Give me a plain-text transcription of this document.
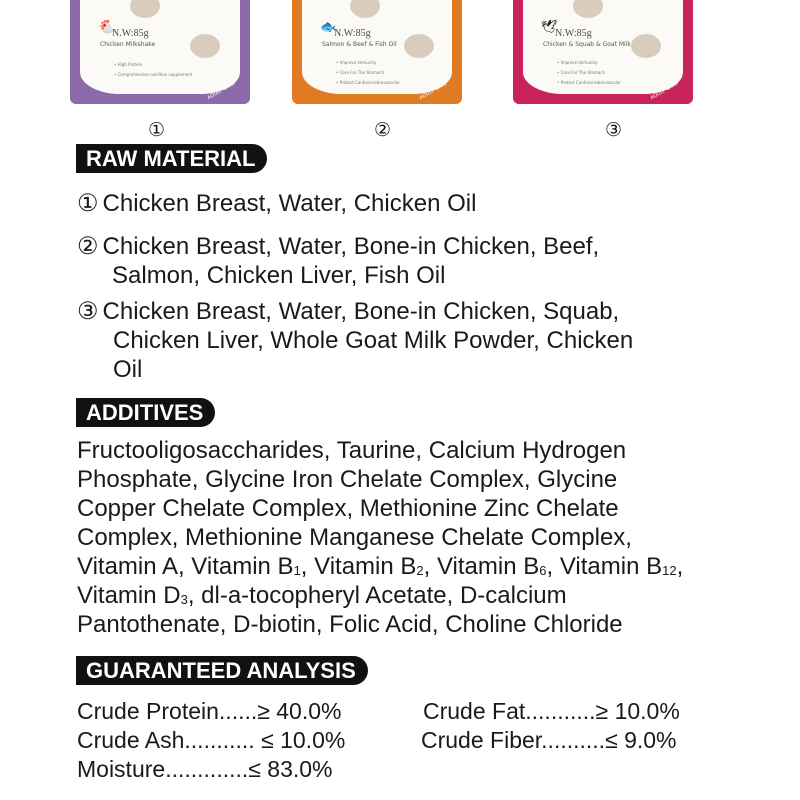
🐔
N.W:85g
Chicken Milkshake
• High Protein
• Comprehensive nutrition supplement
ADULT CATS
🐟
N.W:85g
Salmon & Beef & Fish Oil
• Improve Immunity
• Care For The Stomach
• Protect Cardiocerebrovascular	ADULT CATS
🕊
N.W:85g
Chicken & Squab & Goat Milk
• Improve Immunity
• Care For The Stomach
• Protect Cardiocerebrovascular	ADULT CATS
①	②	③
RAW MATERIAL
① Chicken Breast, Water, Chicken Oil
② Chicken Breast, Water, Bone-in Chicken, Beef,
Salmon, Chicken Liver, Fish Oil
③ Chicken Breast, Water, Bone-in Chicken, Squab,
Chicken Liver, Whole Goat Milk Powder, Chicken
Oil
ADDITIVES
Fructooligosaccharides, Taurine, Calcium Hydrogen
Phosphate, Glycine Iron Chelate Complex, Glycine
Copper Chelate Complex, Methionine Zinc Chelate
Complex, Methionine Manganese Chelate Complex,
Vitamin A, Vitamin $B_1$, Vitamin $B_2$, Vitamin $B_6$, Vitamin $B_{12}$,
Vitamin $D_3$, dl-a-tocopheryl Acetate, D-calcium
Pantothenate, D-biotin, Folic Acid, Choline Chloride
GUARANTEED ANALYSIS
Crude Protein......≥ 40.0%	Crude Fat...........≥ 10.0%
Crude Ash........... ≤ 10.0%	Crude Fiber..........≤ 9.0%
Moisture.............≤ 83.0%
